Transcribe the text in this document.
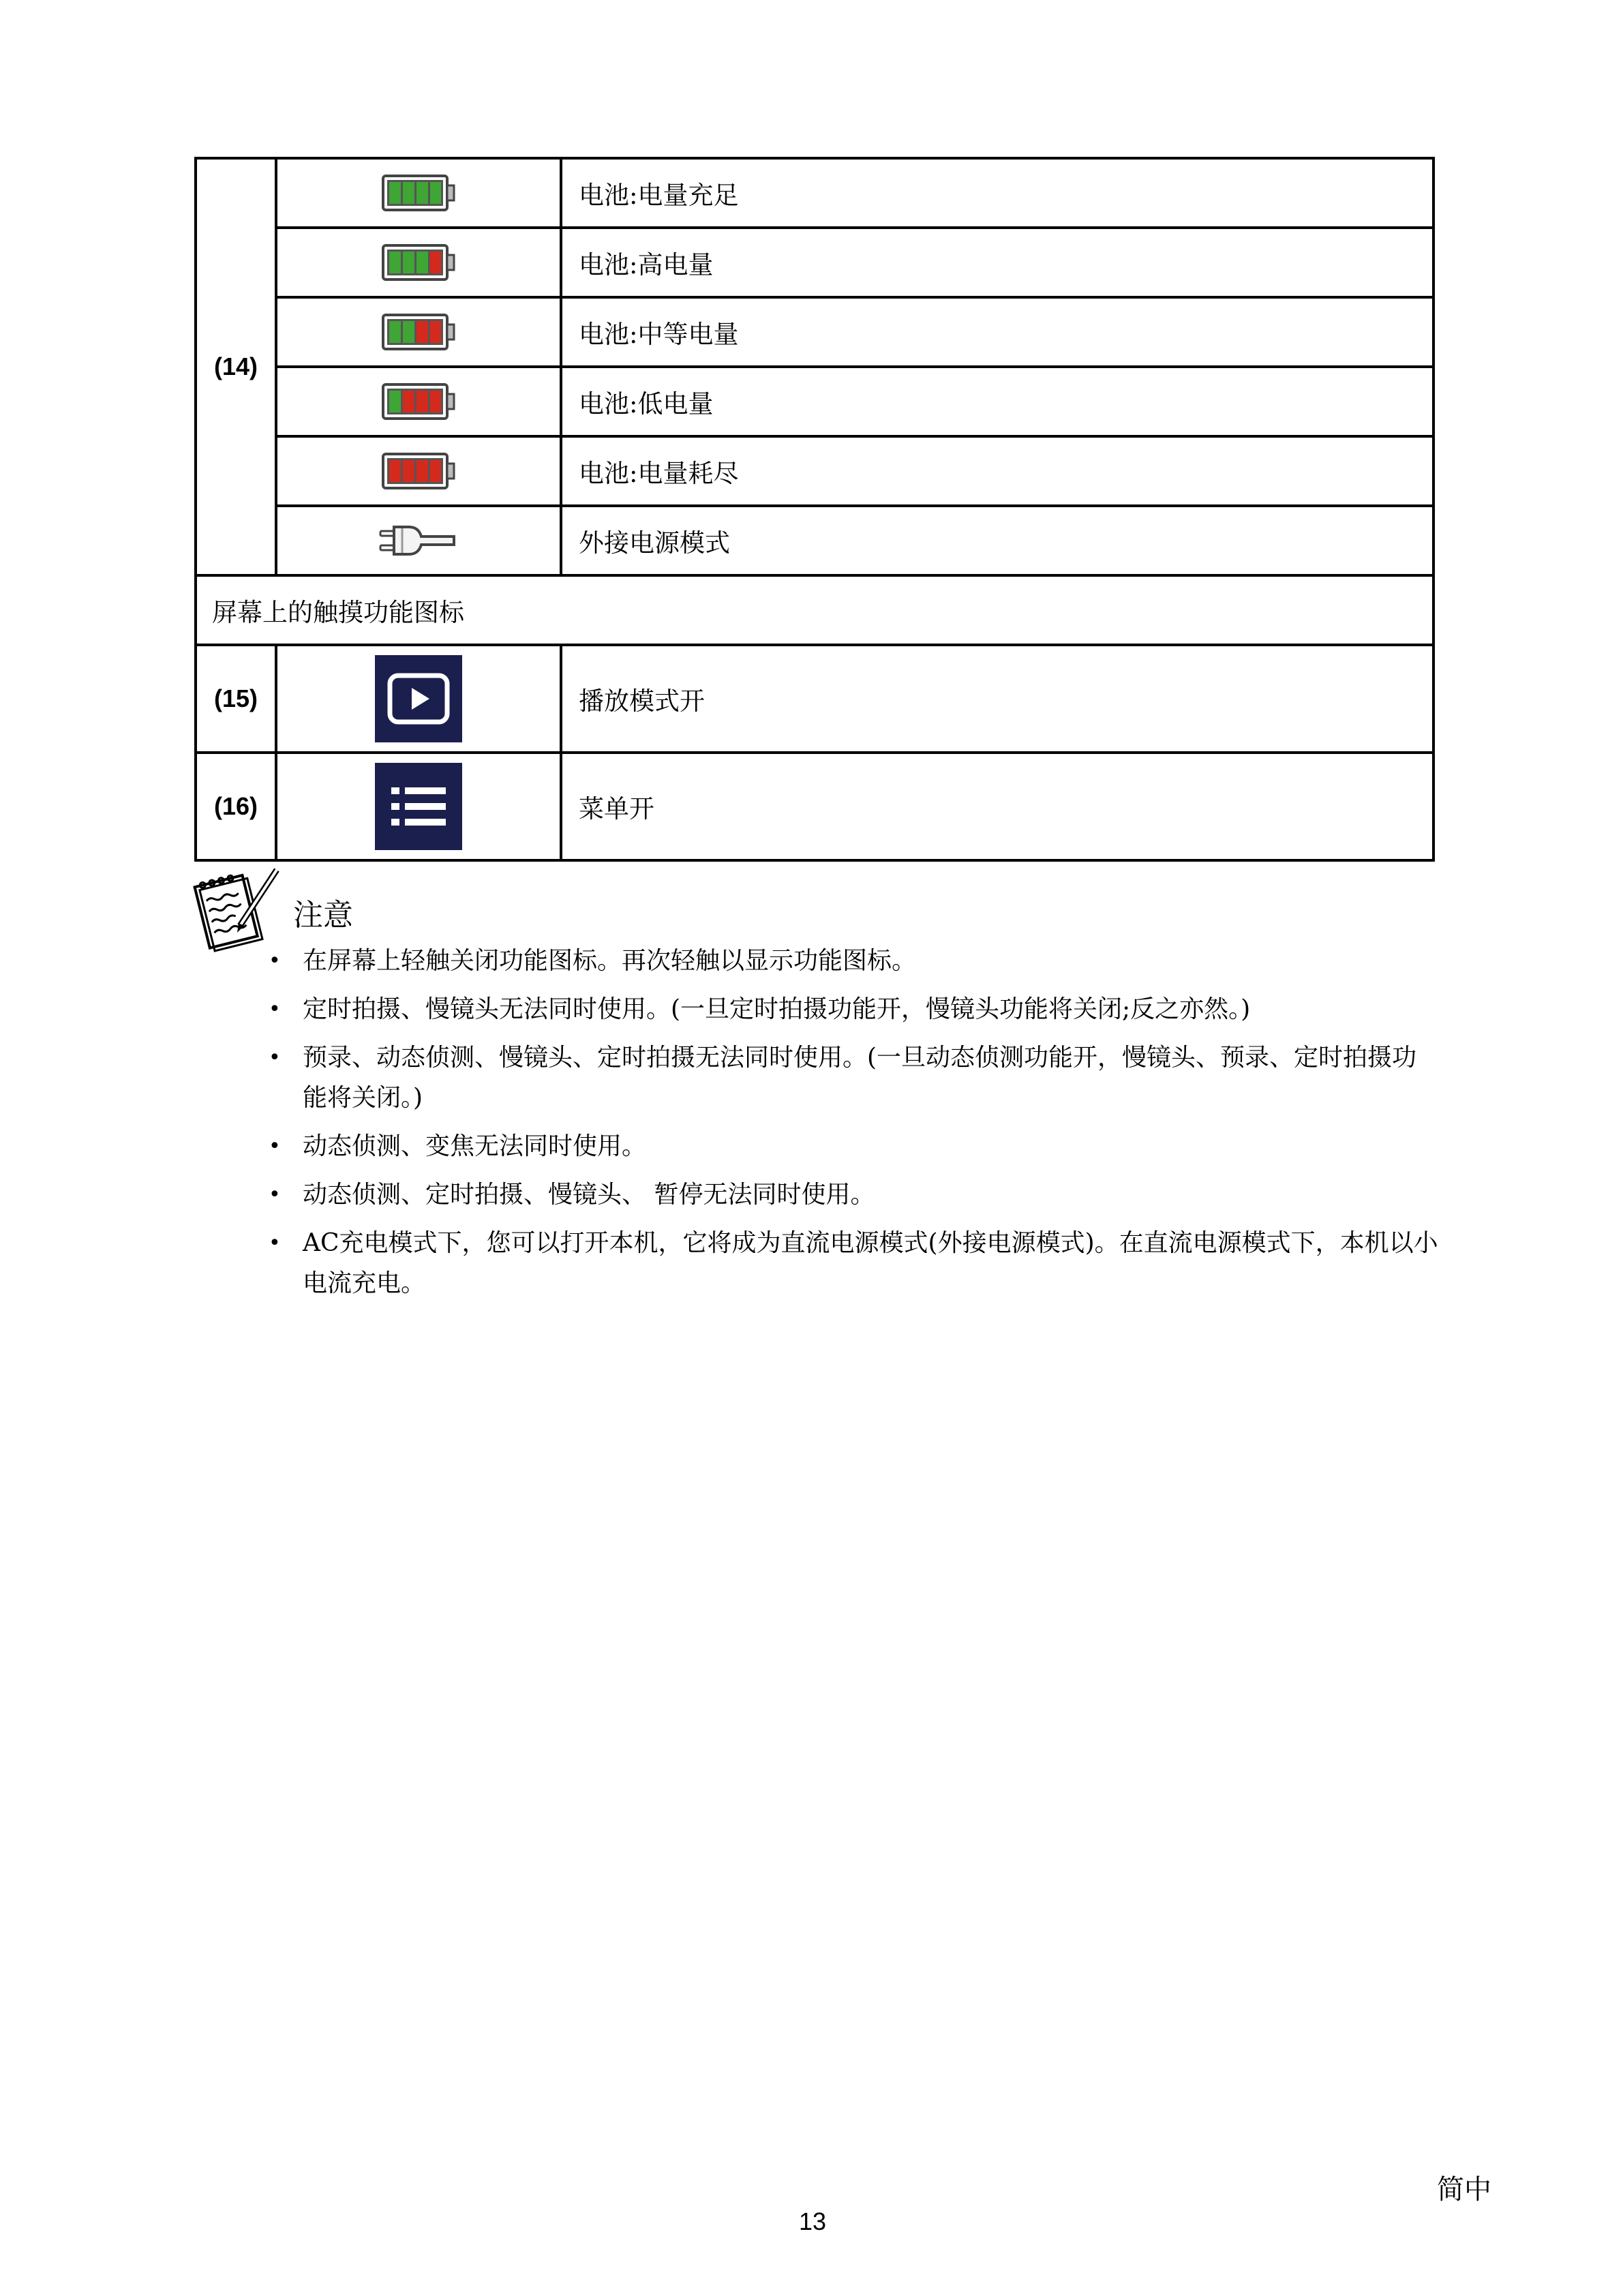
(14)		电池:电量充足
	电池:高电量
	电池:中等电量
	电池:低电量
	电池:电量耗尽
	外接电源模式
屏幕上的触摸功能图标		
(15)		播放模式开
(16)		菜单开
注意
• 在屏幕上轻触关闭功能图标。再次轻触以显示功能图标。
• 定时拍摄、慢镜头无法同时使用。(一旦定时拍摄功能开，慢镜头功能将关闭;反之亦然。)
• 预录、动态侦测、慢镜头、定时拍摄无法同时使用。(一旦动态侦测功能开，慢镜头、预录、定时拍摄功能将关闭。)
• 动态侦测、变焦无法同时使用。
• 动态侦测、定时拍摄、慢镜头、 暂停无法同时使用。
• AC充电模式下，您可以打开本机，它将成为直流电源模式(外接电源模式)。在直流电源模式下，本机以小电流充电。
简中
13
